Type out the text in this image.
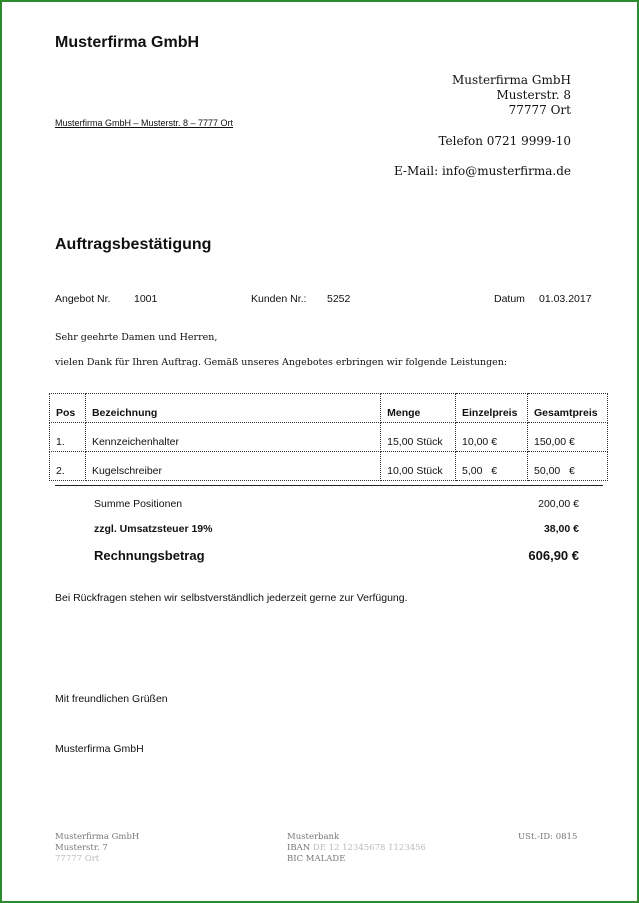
Musterfirma GmbH
Musterfirma GmbH
Musterstr. 8
77777 Ort
Musterfirma GmbH – Musterstr. 8 – 7777 Ort
Telefon 0721 9999-10
E-Mail: info@musterfirma.de
Auftragsbestätigung
Angebot Nr. 1001	Kunden Nr.: 5252	Datum 01.03.2017
Sehr geehrte Damen und Herren,
vielen Dank für Ihren Auftrag. Gemäß unseres Angebotes erbringen wir folgende Leistungen:
Pos	Bezeichnung	Menge	Einzelpreis	Gesamtpreis
1.	Kennzeichenhalter	15,00 Stück	10,00 €	150,00 €
2.	Kugelschreiber	10,00 Stück	5,00   €	50,00   €
Summe Positionen	200,00 €
zzgl. Umsatzsteuer 19%	38,00 €
Rechnungsbetrag	606,90 €
Bei Rückfragen stehen wir selbstverständlich jederzeit gerne zur Verfügung.
Mit freundlichen Grüßen
Musterfirma GmbH
Musterfirma GmbH
Musterstr. 7
77777 Ort
Musterbank
IBAN DE 12 12345678 1123456
BIC MALADE
USt.-ID: 0815
